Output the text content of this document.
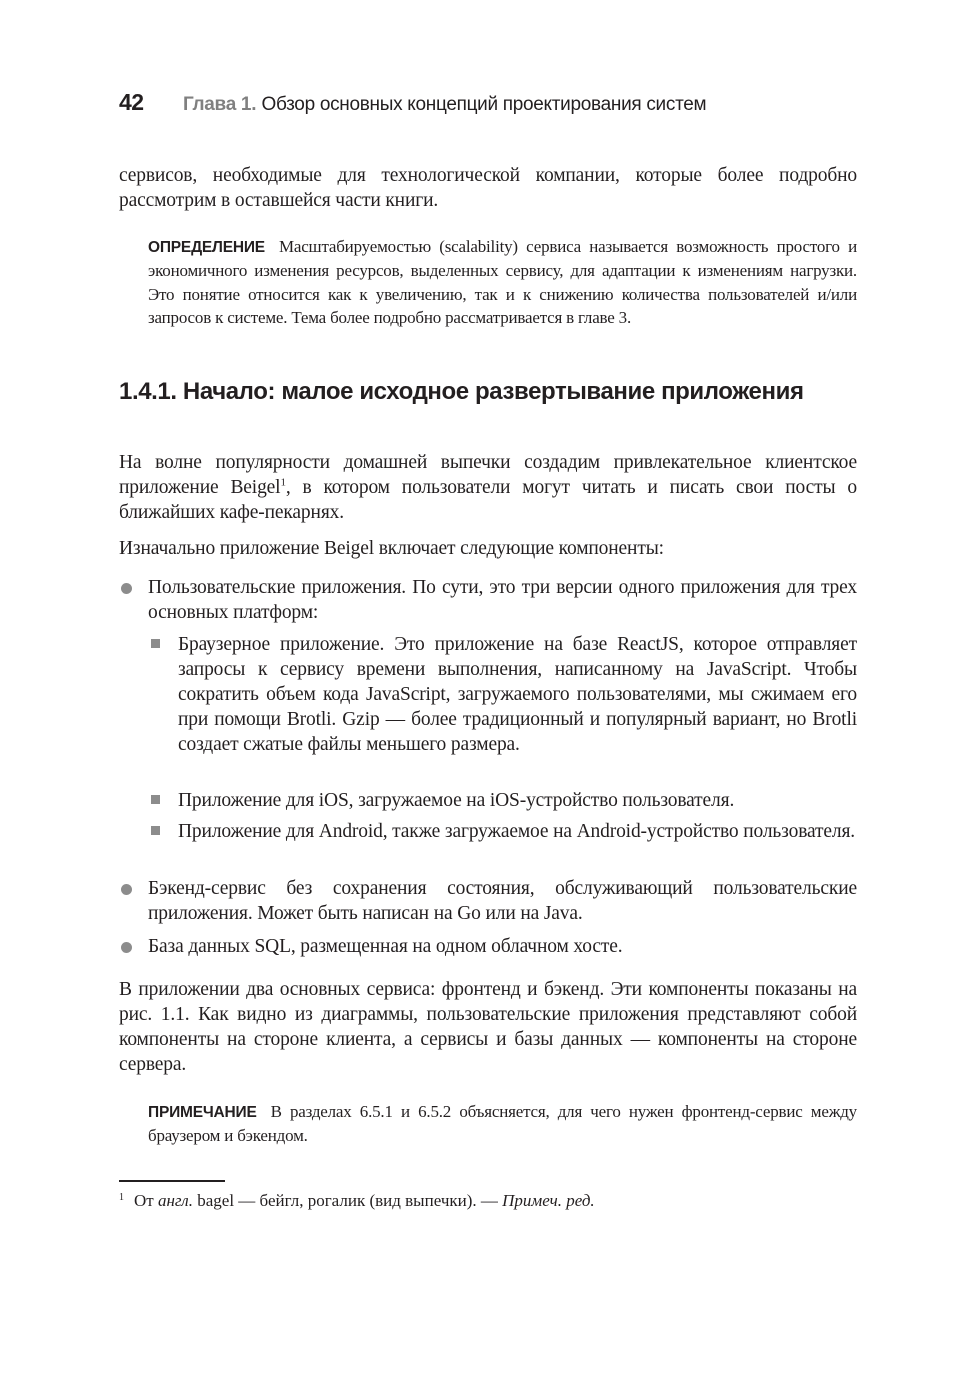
42 Глава 1. Обзор основных концепций проектирования систем

сервисов, необходимые для технологической компании, которые более подробно рассмотрим в оставшейся части книги.

ОПРЕДЕЛЕНИЕ Масштабируемостью (scalability) сервиса называется возможность простого и экономичного изменения ресурсов, выделенных сервису, для адаптации к изменениям нагрузки. Это понятие относится как к увеличению, так и к снижению количества пользователей и/или запросов к системе. Тема более подробно рассматривается в главе 3.

1.4.1. Начало: малое исходное развертывание приложения

На волне популярности домашней выпечки создадим привлекательное клиентское приложение Beigel$^1$, в котором пользователи могут читать и писать свои посты о ближайших кафе-пекарнях.

Изначально приложение Beigel включает следующие компоненты:

Пользовательские приложения. По сути, это три версии одного приложения для трех основных платформ:

Браузерное приложение. Это приложение на базе ReactJS, которое отправляет запросы к сервису времени выполнения, написанному на JavaScript. Чтобы сократить объем кода JavaScript, загружаемого пользователями, мы сжимаем его при помощи Brotli. Gzip — более традиционный и популярный вариант, но Brotli создает сжатые файлы меньшего размера.

Приложение для iOS, загружаемое на iOS-устройство пользователя.

Приложение для Android, также загружаемое на Android-устройство пользователя.

Бэкенд-сервис без сохранения состояния, обслуживающий пользовательские приложения. Может быть написан на Go или на Java.

База данных SQL, размещенная на одном облачном хосте.

В приложении два основных сервиса: фронтенд и бэкенд. Эти компоненты показаны на рис. 1.1. Как видно из диаграммы, пользовательские приложения представляют собой компоненты на стороне клиента, а сервисы и базы данных — компоненты на стороне сервера.

ПРИМЕЧАНИЕ В разделах 6.5.1 и 6.5.2 объясняется, для чего нужен фронтенд-сервис между браузером и бэкендом.

$^1$ От англ. bagel — бейгл, рогалик (вид выпечки). — Примеч. ред.
